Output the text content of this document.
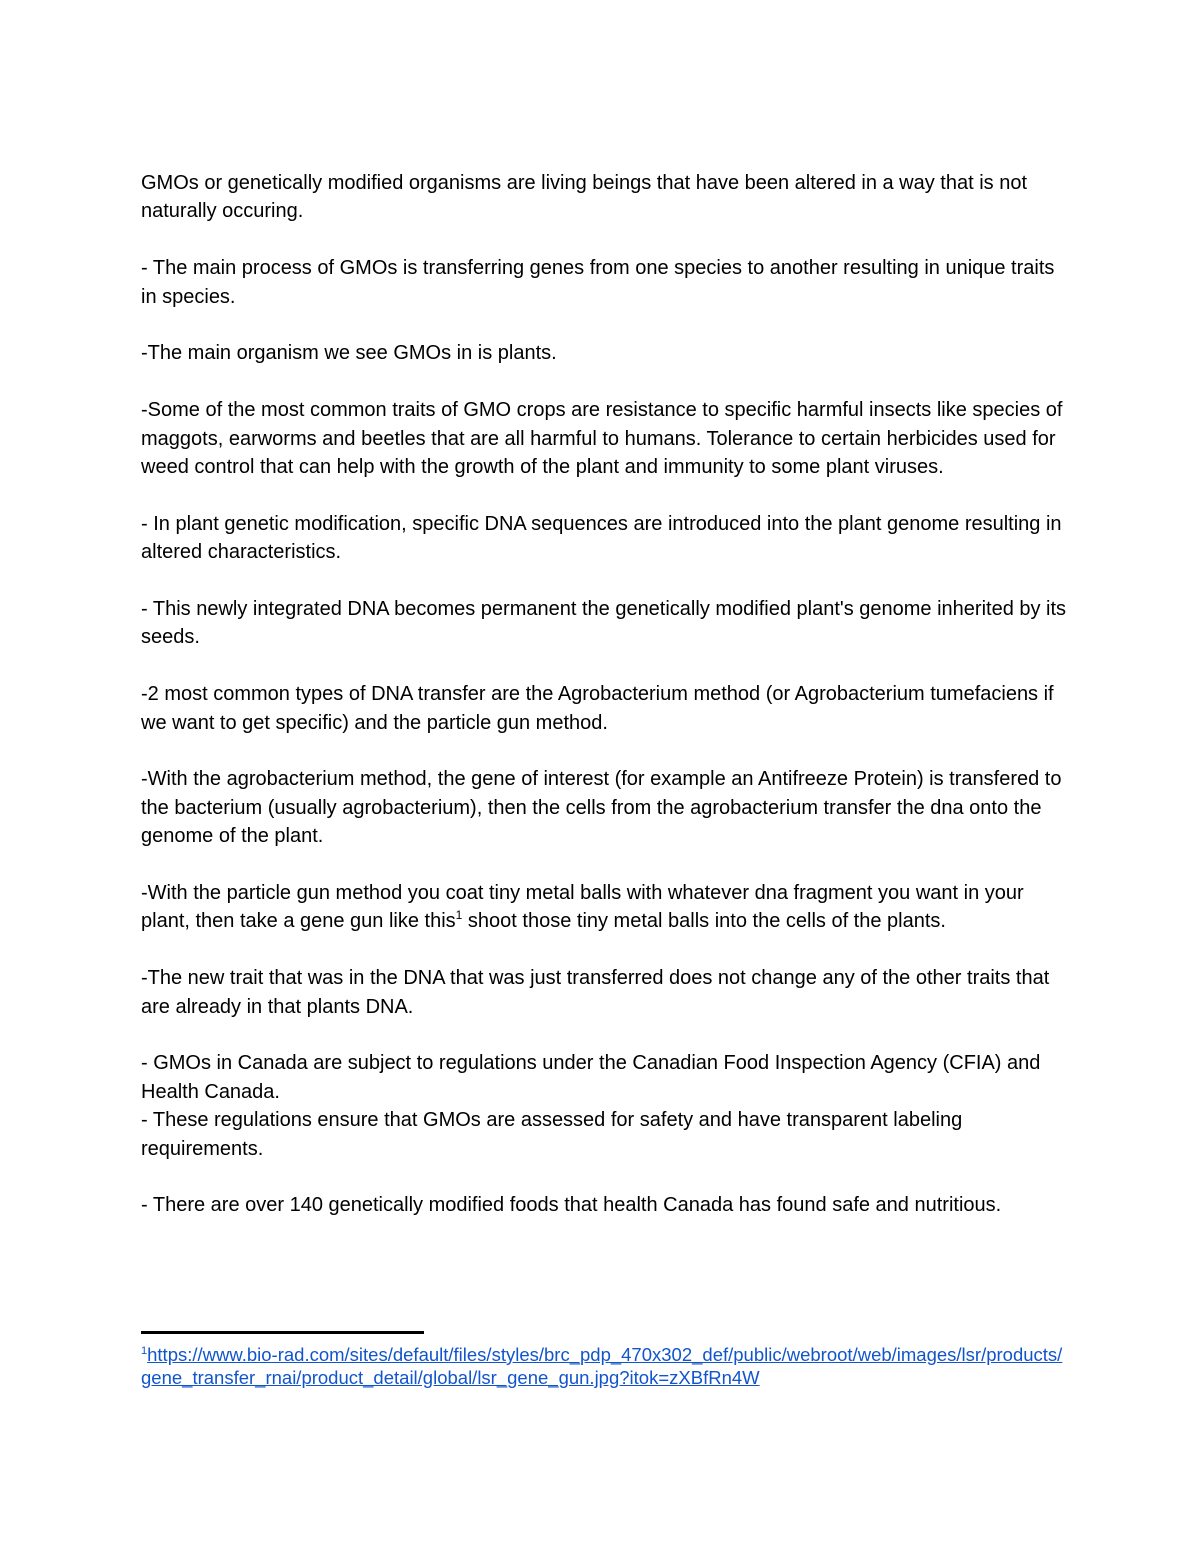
GMOs or genetically modified organisms are living beings that have been altered in a way that is not naturally occuring.

- The main process of GMOs is transferring genes from one species to another resulting in unique traits in species.

-The main organism we see GMOs in is plants.

-Some of the most common traits of GMO crops are resistance to specific harmful insects like species of maggots, earworms and beetles that are all harmful to humans. Tolerance to certain herbicides used for weed control that can help with the growth of the plant and immunity to some plant viruses.

- In plant genetic modification, specific DNA sequences are introduced into the plant genome resulting in altered characteristics.

- This newly integrated DNA becomes permanent the genetically modified plant's genome inherited by its seeds.

-2 most common types of DNA transfer are the Agrobacterium method (or Agrobacterium tumefaciens if we want to get specific) and the particle gun method.

-With the agrobacterium method, the gene of interest (for example an Antifreeze Protein) is transfered to the bacterium (usually agrobacterium), then the cells from the agrobacterium transfer the dna onto the genome of the plant.

-With the particle gun method you coat tiny metal balls with whatever dna fragment you want in your plant, then take a gene gun like this$^1$ shoot those tiny metal balls into the cells of the plants.

-The new trait that was in the DNA that was just transferred does not change any of the other traits that are already in that plants DNA.

- GMOs in Canada are subject to regulations under the Canadian Food Inspection Agency (CFIA) and Health Canada.

- These regulations ensure that GMOs are assessed for safety and have transparent labeling requirements.

- There are over 140 genetically modified foods that health Canada has found safe and nutritious.

$^1$https://www.bio-rad.com/sites/default/files/styles/brc_pdp_470x302_def/public/webroot/web/images/lsr/products/gene_transfer_rnai/product_detail/global/lsr_gene_gun.jpg?itok=zXBfRn4W
